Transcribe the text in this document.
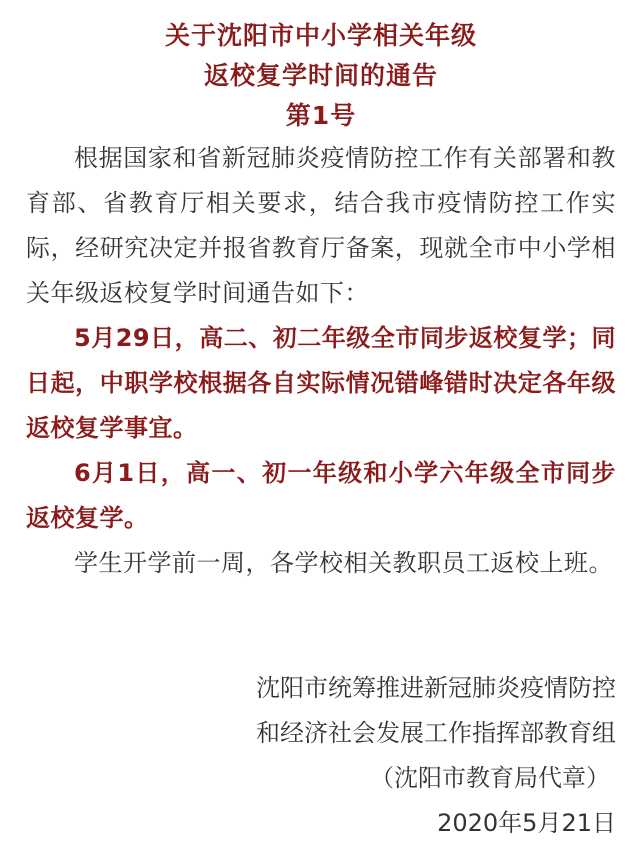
关于沈阳市中小学相关年级

返校复学时间的通告

第1号

根据国家和省新冠肺炎疫情防控工作有关部署和教育部、省教育厅相关要求，结合我市疫情防控工作实际，经研究决定并报省教育厅备案，现就全市中小学相关年级返校复学时间通告如下：

5月29日，高二、初二年级全市同步返校复学；同日起，中职学校根据各自实际情况错峰错时决定各年级返校复学事宜。

6月1日，高一、初一年级和小学六年级全市同步返校复学。

学生开学前一周，各学校相关教职员工返校上班。

沈阳市统筹推进新冠肺炎疫情防控

和经济社会发展工作指挥部教育组

（沈阳市教育局代章）

2020年5月21日
